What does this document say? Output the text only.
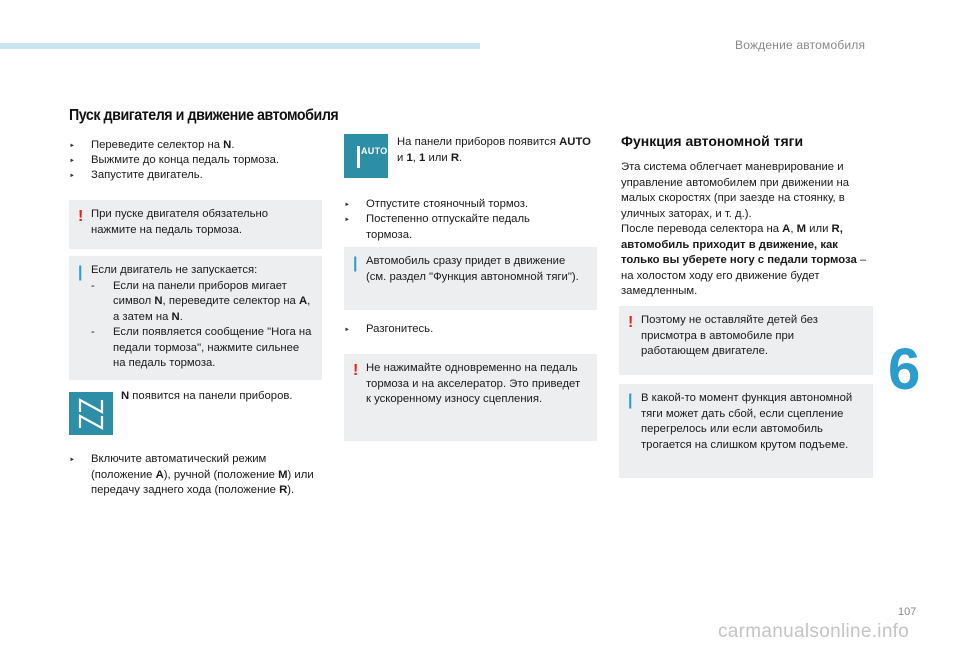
Вождение автомобиля
107
6
carmanualsonline.info
Пуск двигателя и движение автомобиля
‣	Переведите селектор на N.
‣	Выжмите до конца педаль тормоза.
‣	Запустите двигатель.
! При пуске двигателя обязательно нажмите на педаль тормоза.
| Если двигатель не запускается:
-	Если на панели приборов мигает символ N, переведите селектор на A, а затем на N.
-	Если появляется сообщение "Нога на педали тормоза", нажмите сильнее на педаль тормоза.
N появится на панели приборов.
‣	Включите автоматический режим (положение A), ручной (положение M) или передачу заднего хода (положение R).
AUTO
На панели приборов появится AUTO и 1, 1 или R.
‣	Отпустите стояночный тормоз.
‣	Постепенно отпускайте педаль тормоза.
| Автомобиль сразу придет в движение (см. раздел "Функция автономной тяги").
‣	Разгонитесь.
! Не нажимайте одновременно на педаль тормоза и на акселератор. Это приведет к ускоренному износу сцепления.
Функция автономной тяги
Эта система облегчает маневрирование и управление автомобилем при движении на малых скоростях (при заезде на стоянку, в уличных заторах, и т. д.).
После перевода селектора на A, M или R, автомобиль приходит в движение, как только вы уберете ногу с педали тормоза – на холостом ходу его движение будет замедленным.
! Поэтому не оставляйте детей без присмотра в автомобиле при работающем двигателе.
| В какой-то момент функция автономной тяги может дать сбой, если сцепление перегрелось или если автомобиль трогается на слишком крутом подъеме.
